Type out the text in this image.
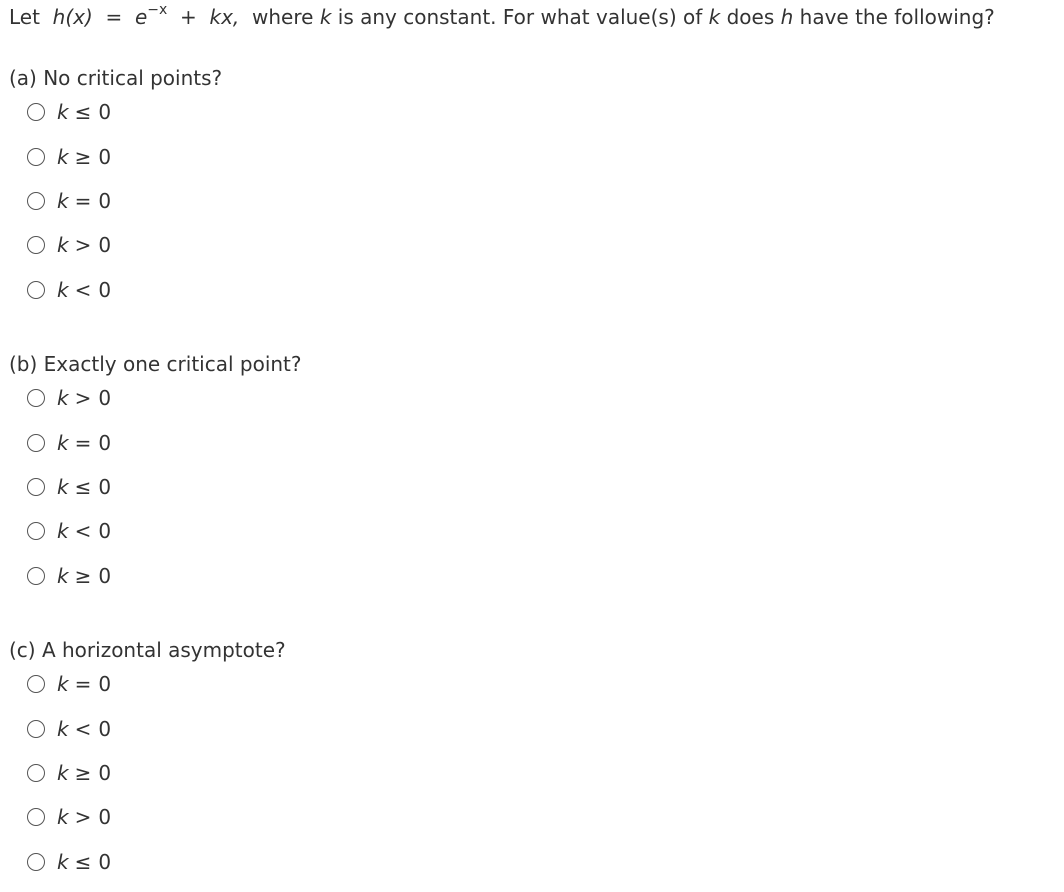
Let $h(x) = e^{-x}$ + kx, where k is any constant. For what value(s) of k does h have the following?
(a) No critical points?
k ≤ 0
k ≥ 0
k = 0
k > 0
k < 0
(b) Exactly one critical point?
k > 0
k = 0
k ≤ 0
k < 0
k ≥ 0
(c) A horizontal asymptote?
k = 0
k < 0
k ≥ 0
k > 0
k ≤ 0
